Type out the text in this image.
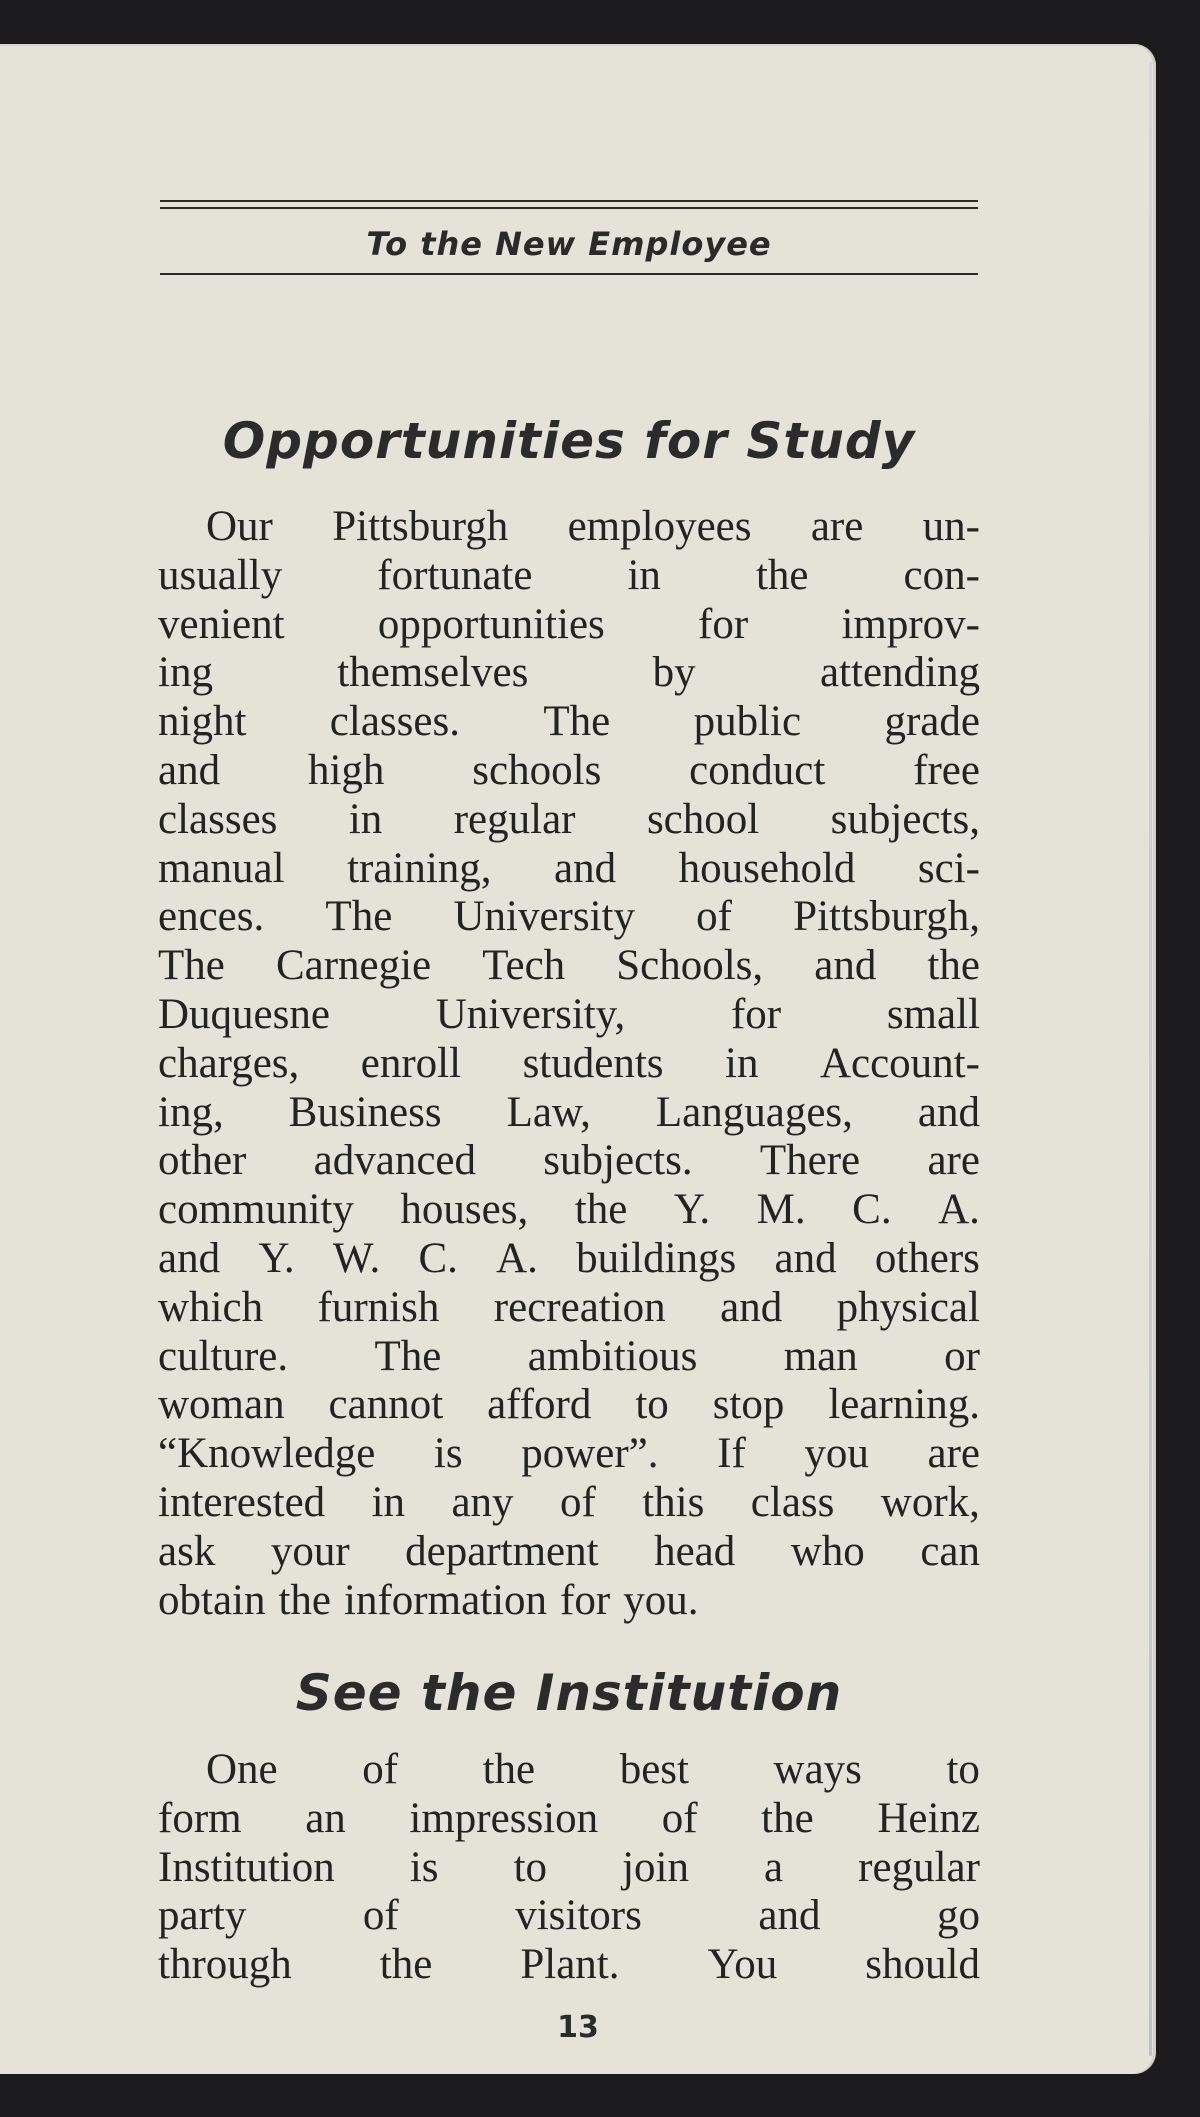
To the New Employee
Opportunities for Study
Our Pittsburgh employees are un-
usually fortunate in the con-
venient opportunities for improv-
ing	themselves	by	attending
night classes. The public grade
and high schools conduct free
classes in regular school subjects,
manual training, and household sci-
ences. The University of Pittsburgh,
The Carnegie Tech Schools, and the
Duquesne University, for small
charges, enroll students in Account-
ing, Business Law, Languages, and
other advanced subjects. There are
community houses, the Y. M. C. A.
and Y. W. C. A. buildings and others
which furnish recreation and physical
culture. The ambitious man or
woman cannot afford to stop learning.
“Knowledge is power”. If you are
interested in any of this class work,
ask your department head who can
obtain the information for you.
See the Institution
One of the best ways to
form an impression of the Heinz
Institution is to join a regular
party	of	visitors	and	go
through the Plant. You should
13
